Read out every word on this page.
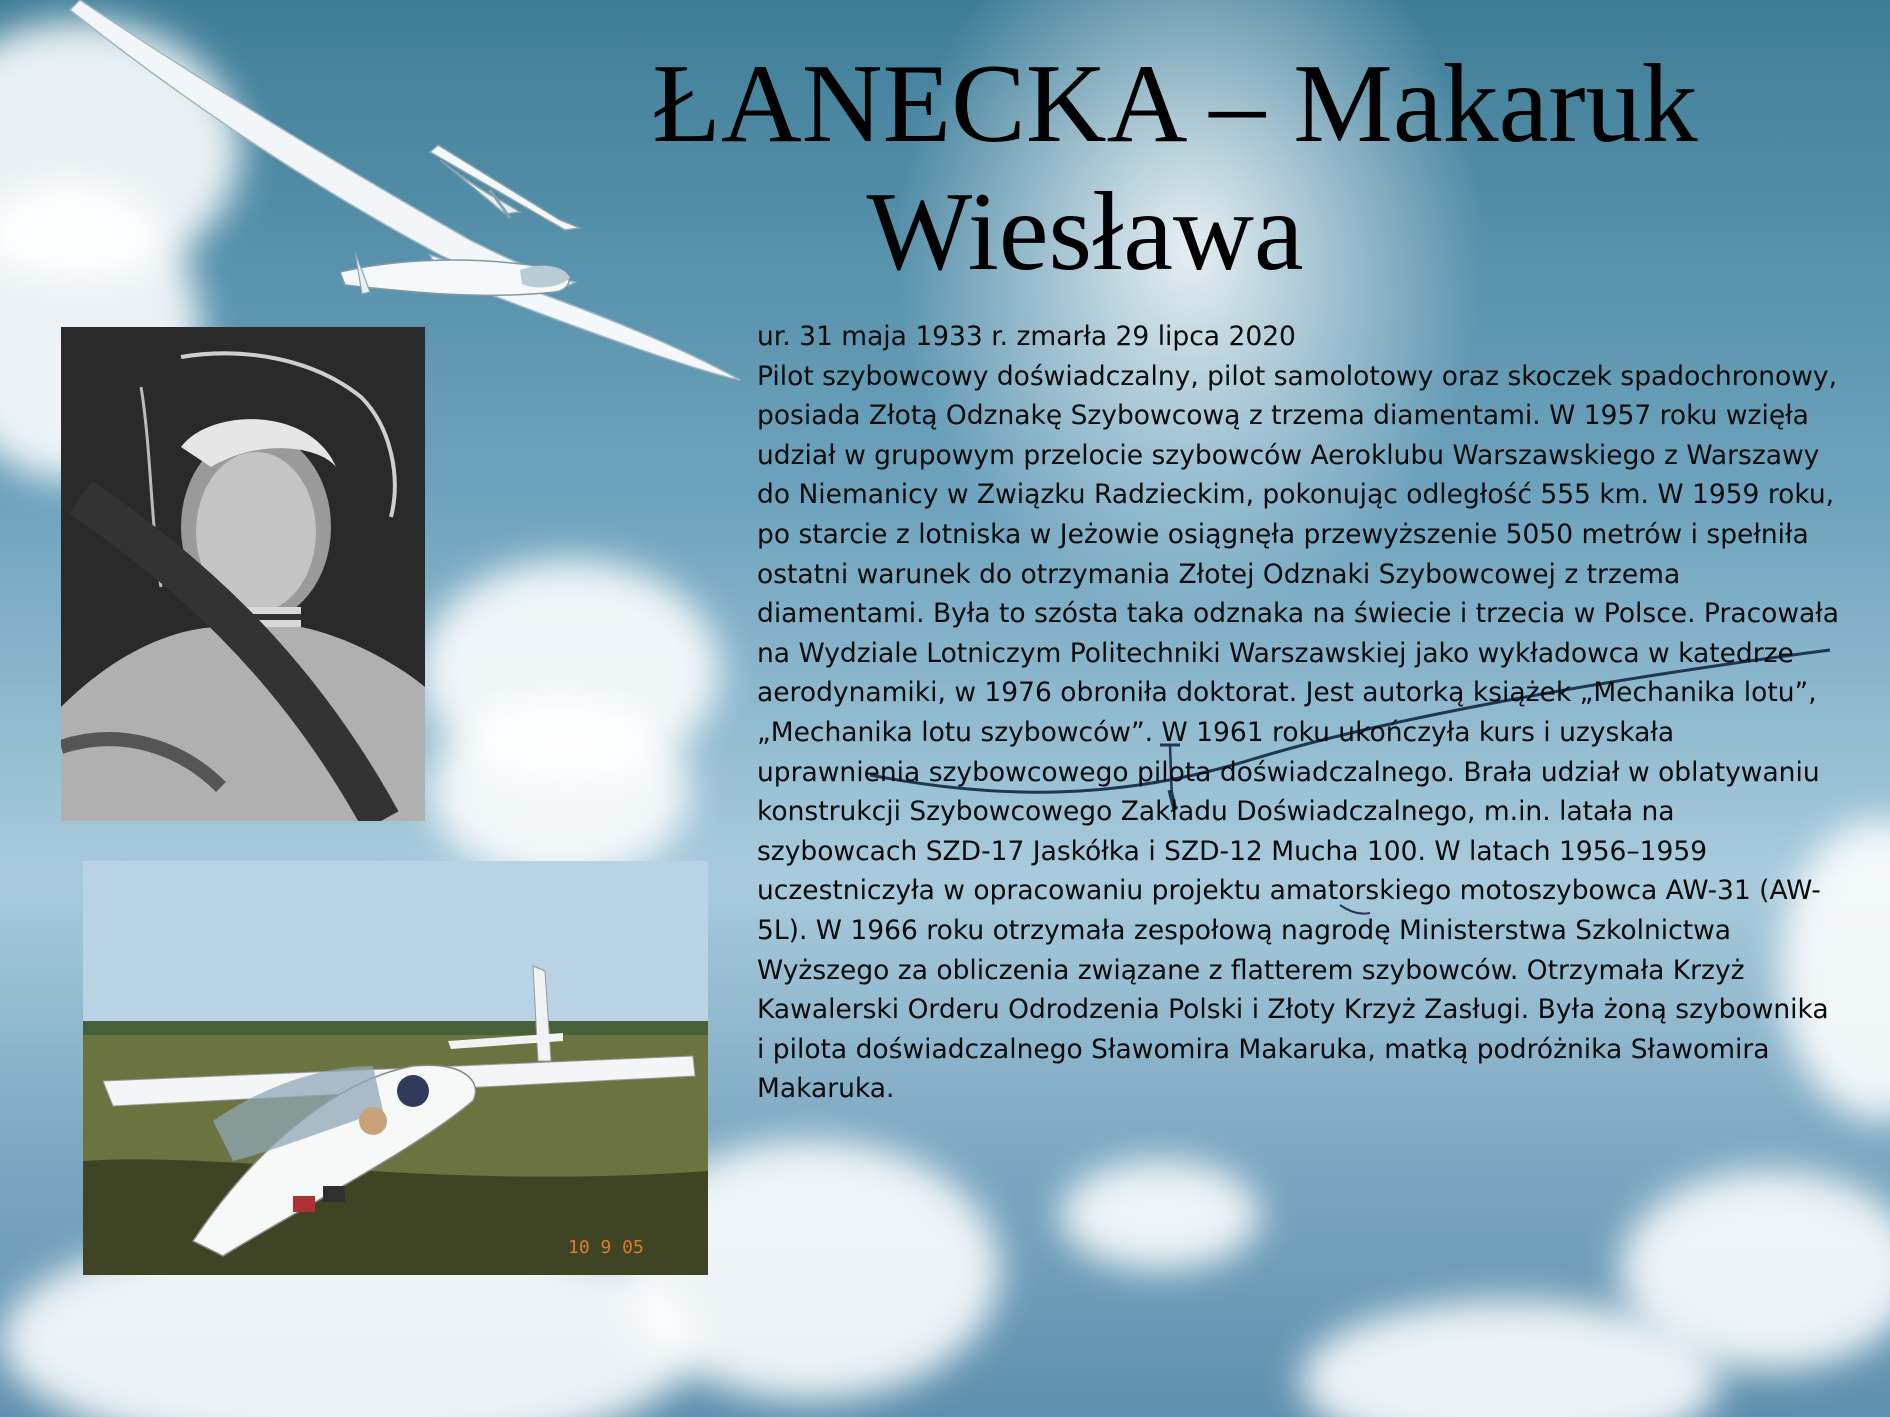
10 9 05
ŁANECKA – Makaruk
Wiesława

ur. 31 maja 1933 r. zmarła 29 lipca 2020

Pilot szybowcowy doświadczalny, pilot samolotowy oraz skoczek spadochronowy, posiada Złotą Odznakę Szybowcową z trzema diamentami. W 1957 roku wzięła udział w grupowym przelocie szybowców Aeroklubu Warszawskiego z Warszawy do Niemanicy w Związku Radzieckim, pokonując odległość 555 km. W 1959 roku, po starcie z lotniska w Jeżowie osiągnęła przewyższenie 5050 metrów i spełniła ostatni warunek do otrzymania Złotej Odznaki Szybowcowej z trzema diamentami. Była to szósta taka odznaka na świecie i trzecia w Polsce. Pracowała na Wydziale Lotniczym Politechniki Warszawskiej jako wykładowca w katedrze aerodynamiki, w 1976 obroniła doktorat. Jest autorką książek „Mechanika lotu”, „Mechanika lotu szybowców”. W 1961 roku ukończyła kurs i uzyskała uprawnienia szybowcowego pilota doświadczalnego. Brała udział w oblatywaniu konstrukcji Szybowcowego Zakładu Doświadczalnego, m.in. latała na szybowcach SZD-17 Jaskółka i SZD-12 Mucha 100. W latach 1956–1959 uczestniczyła w opracowaniu projektu amatorskiego motoszybowca AW-31 (AW-5L). W 1966 roku otrzymała zespołową nagrodę Ministerstwa Szkolnictwa Wyższego za obliczenia związane z flatterem szybowców. Otrzymała Krzyż Kawalerski Orderu Odrodzenia Polski i Złoty Krzyż Zasługi. Była żoną szybownika i pilota doświadczalnego Sławomira Makaruka, matką podróżnika Sławomira Makaruka.
